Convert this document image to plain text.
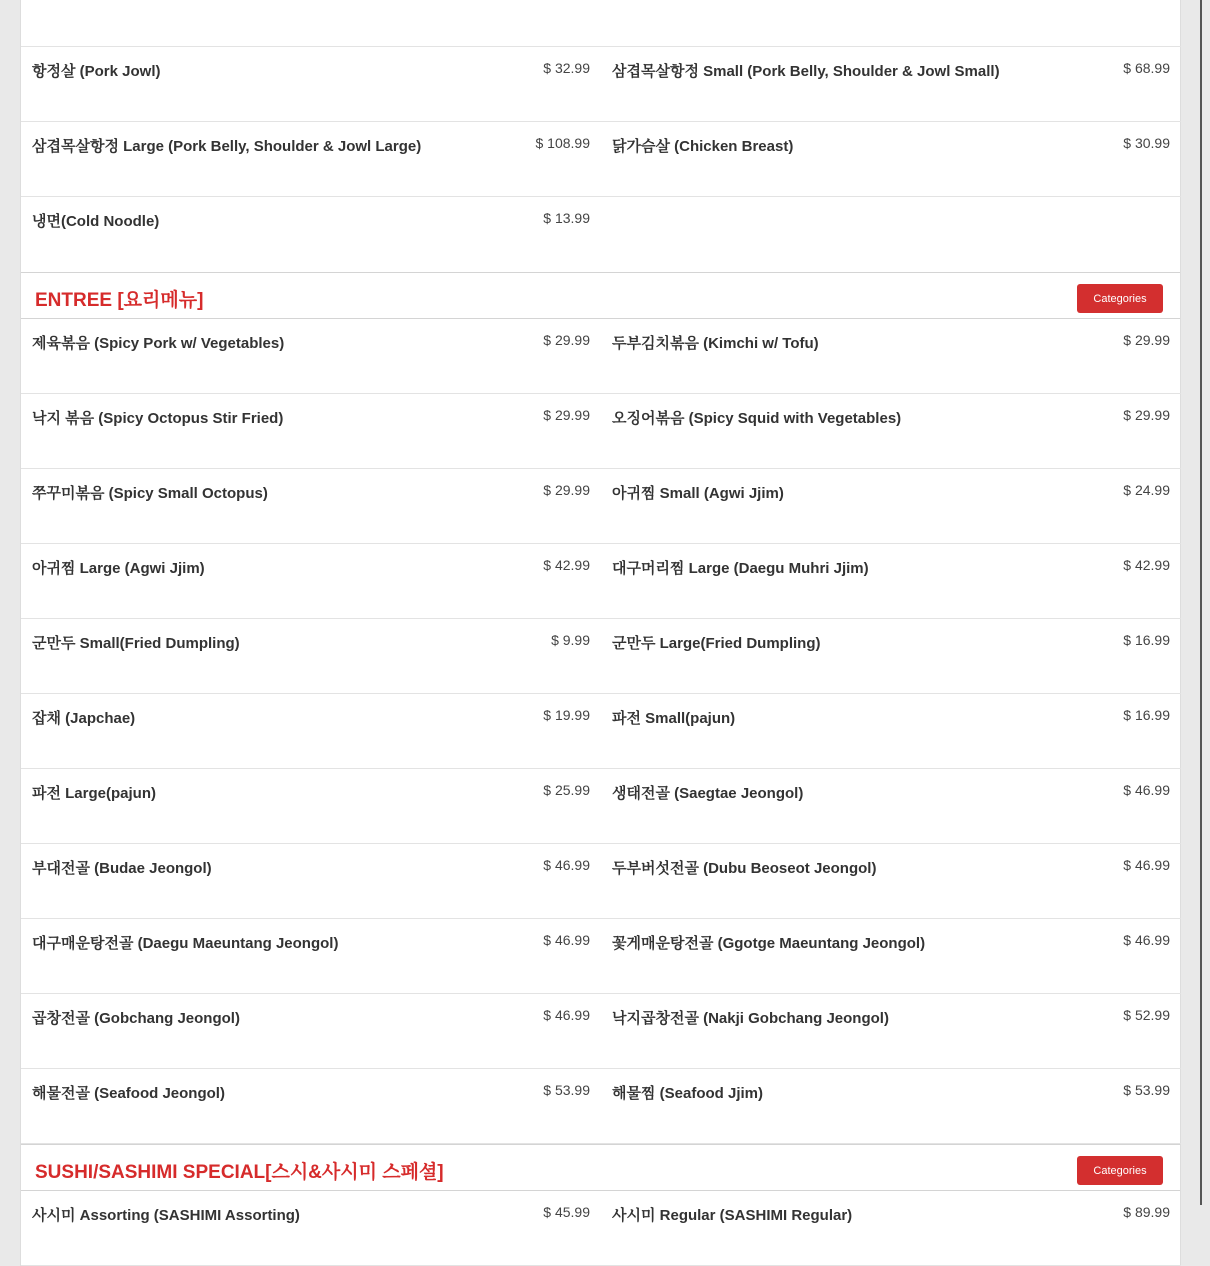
항정살 (Pork Jowl)	$ 32.99	삼겹목살항정 Small (Pork Belly, Shoulder & Jowl Small)	$ 68.99
삼겹목살항정 Large (Pork Belly, Shoulder & Jowl Large)	$ 108.99	닭가슴살 (Chicken Breast)	$ 30.99
냉면(Cold Noodle)	$ 13.99
ENTREE [요리메뉴]	Categories
제육볶음 (Spicy Pork w/ Vegetables)	$ 29.99	두부김치볶음 (Kimchi w/ Tofu)	$ 29.99
낙지 볶음 (Spicy Octopus Stir Fried)	$ 29.99	오징어볶음 (Spicy Squid with Vegetables)	$ 29.99
쭈꾸미볶음 (Spicy Small Octopus)	$ 29.99	아귀찜 Small (Agwi Jjim)	$ 24.99
아귀찜 Large (Agwi Jjim)	$ 42.99	대구머리찜 Large (Daegu Muhri Jjim)	$ 42.99
군만두 Small(Fried Dumpling)	$ 9.99	군만두 Large(Fried Dumpling)	$ 16.99
잡채 (Japchae)	$ 19.99	파전 Small(pajun)	$ 16.99
파전 Large(pajun)	$ 25.99	생태전골 (Saegtae Jeongol)	$ 46.99
부대전골 (Budae Jeongol)	$ 46.99	두부버섯전골 (Dubu Beoseot Jeongol)	$ 46.99
대구매운탕전골 (Daegu Maeuntang Jeongol)	$ 46.99	꽃게매운탕전골 (Ggotge Maeuntang Jeongol)	$ 46.99
곱창전골 (Gobchang Jeongol)	$ 46.99	낙지곱창전골 (Nakji Gobchang Jeongol)	$ 52.99
해물전골 (Seafood Jeongol)	$ 53.99	해물찜 (Seafood Jjim)	$ 53.99
SUSHI/SASHIMI SPECIAL[스시&사시미 스페셜]	Categories
사시미 Assorting (SASHIMI Assorting)	$ 45.99	사시미 Regular (SASHIMI Regular)	$ 89.99
